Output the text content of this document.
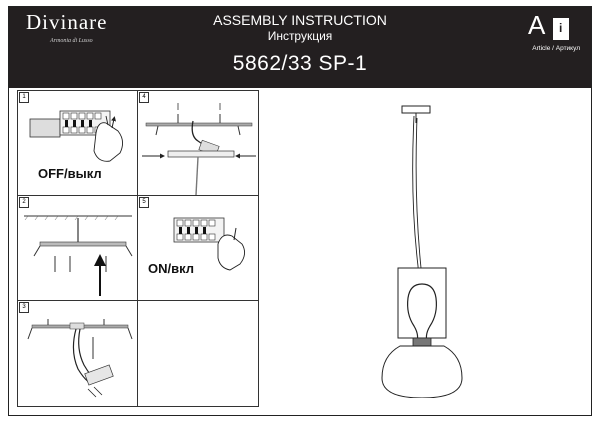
Divinare
Armonia di Lusso
ASSEMBLY INSTRUCTION
Инструкция
5862/33 SP-1
A i
Article / Артикул
1
OFF/выкл
4
2	5
ON/вкл
3
